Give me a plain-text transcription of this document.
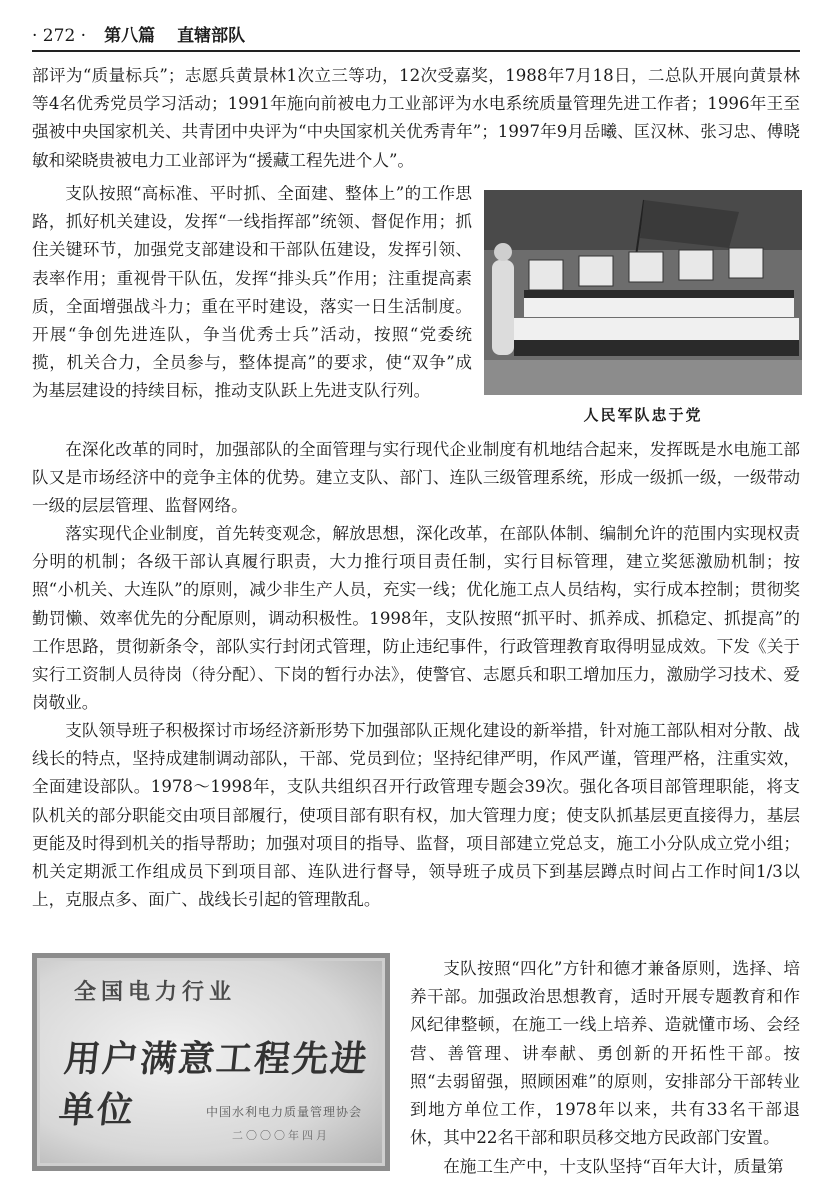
· 272 · 第八篇 直辖部队

部评为“质量标兵”；志愿兵黄景林1次立三等功，12次受嘉奖，1988年7月18日，二总队开展向黄景林等4名优秀党员学习活动；1991年施向前被电力工业部评为水电系统质量管理先进工作者；1996年王至强被中央国家机关、共青团中央评为“中央国家机关优秀青年”；1997年9月岳曦、匡汉林、张习忠、傅晓敏和梁晓贵被电力工业部评为“援藏工程先进个人”。

支队按照“高标准、平时抓、全面建、整体上”的工作思路，抓好机关建设，发挥“一线指挥部”统领、督促作用；抓住关键环节，加强党支部建设和干部队伍建设，发挥引领、表率作用；重视骨干队伍，发挥“排头兵”作用；注重提高素质，全面增强战斗力；重在平时建设，落实一日生活制度。开展“争创先进连队，争当优秀士兵”活动，按照“党委统揽，机关合力，全员参与，整体提高”的要求，使“双争”成为基层建设的持续目标，推动支队跃上先进支队行列。

人民军队忠于党

在深化改革的同时，加强部队的全面管理与实行现代企业制度有机地结合起来，发挥既是水电施工部队又是市场经济中的竞争主体的优势。建立支队、部门、连队三级管理系统，形成一级抓一级，一级带动一级的层层管理、监督网络。

落实现代企业制度，首先转变观念，解放思想，深化改革，在部队体制、编制允许的范围内实现权责分明的机制；各级干部认真履行职责，大力推行项目责任制，实行目标管理，建立奖惩激励机制；按照“小机关、大连队”的原则，减少非生产人员，充实一线；优化施工点人员结构，实行成本控制；贯彻奖勤罚懒、效率优先的分配原则，调动积极性。1998年，支队按照“抓平时、抓养成、抓稳定、抓提高”的工作思路，贯彻新条令，部队实行封闭式管理，防止违纪事件，行政管理教育取得明显成效。下发《关于实行工资制人员待岗（待分配）、下岗的暂行办法》，使警官、志愿兵和职工增加压力，激励学习技术、爱岗敬业。

支队领导班子积极探讨市场经济新形势下加强部队正规化建设的新举措，针对施工部队相对分散、战线长的特点，坚持成建制调动部队，干部、党员到位；坚持纪律严明，作风严谨，管理严格，注重实效，全面建设部队。1978～1998年，支队共组织召开行政管理专题会39次。强化各项目部管理职能，将支队机关的部分职能交由项目部履行，使项目部有职有权，加大管理力度；使支队抓基层更直接得力，基层更能及时得到机关的指导帮助；加强对项目的指导、监督，项目部建立党总支，施工小分队成立党小组；机关定期派工作组成员下到项目部、连队进行督导，领导班子成员下到基层蹲点时间占工作时间1/3以上，克服点多、面广、战线长引起的管理散乱。

全国电力行业
用户满意工程先进单位	中国水利电力质量管理协会
二〇〇〇年四月

支队按照“四化”方针和德才兼备原则，选择、培养干部。加强政治思想教育，适时开展专题教育和作风纪律整顿，在施工一线上培养、造就懂市场、会经营、善管理、讲奉献、勇创新的开拓性干部。按照“去弱留强，照顾困难”的原则，安排部分干部转业到地方单位工作，1978年以来，共有33名干部退休，其中22名干部和职员移交地方民政部门安置。

在施工生产中，十支队坚持“百年大计，质量第
